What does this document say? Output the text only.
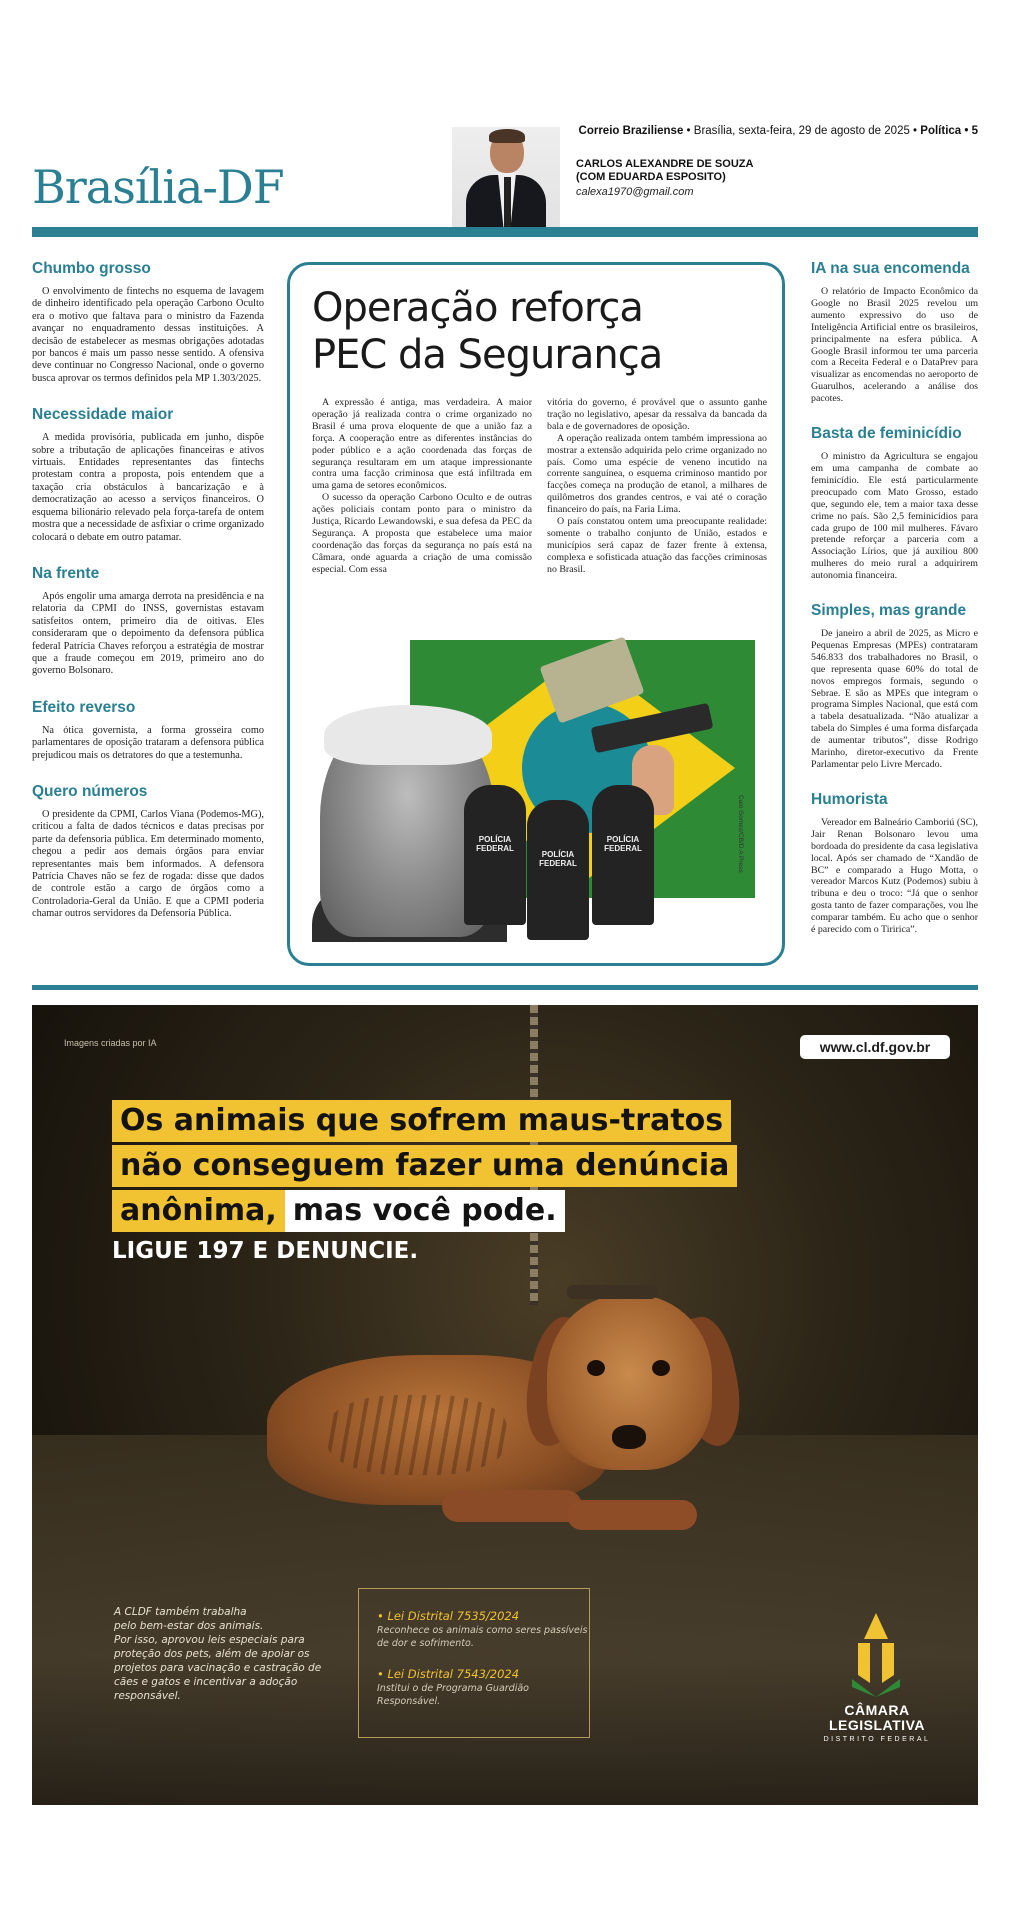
Brasília-DF
Correio Braziliense • Brasília, sexta-feira, 29 de agosto de 2025 • Política • 5
CARLOS ALEXANDRE DE SOUZA
(COM EDUARDA ESPOSITO)
calexa1970@gmail.com
Chumbo grosso

O envolvimento de fintechs no esquema de lavagem de dinheiro identificado pela operação Carbono Oculto era o motivo que faltava para o ministro da Fazenda avançar no enquadramento dessas instituições. A decisão de estabelecer as mesmas obrigações adotadas por bancos é mais um passo nesse sentido. A ofensiva deve continuar no Congresso Nacional, onde o governo busca aprovar os termos definidos pela MP 1.303/2025.

Necessidade maior

A medida provisória, publicada em junho, dispõe sobre a tributação de aplicações financeiras e ativos virtuais. Entidades representantes das fintechs protestam contra a proposta, pois entendem que a taxação cria obstáculos à bancarização e à democratização ao acesso a serviços financeiros. O esquema bilionário relevado pela força-tarefa de ontem mostra que a necessidade de asfixiar o crime organizado colocará o debate em outro patamar.

Na frente

Após engolir uma amarga derrota na presidência e na relatoria da CPMI do INSS, governistas estavam satisfeitos ontem, primeiro dia de oitivas. Eles consideraram que o depoimento da defensora pública federal Patrícia Chaves reforçou a estratégia de mostrar que a fraude começou em 2019, primeiro ano do governo Bolsonaro.

Efeito reverso

Na ótica governista, a forma grosseira como parlamentares de oposição trataram a defensora pública prejudicou mais os detratores do que a testemunha.

Quero números

O presidente da CPMI, Carlos Viana (Podemos-MG), criticou a falta de dados técnicos e datas precisas por parte da defensoria pública. Em determinado momento, chegou a pedir aos demais órgãos para enviar representantes mais bem informados. A defensora Patrícia Chaves não se fez de rogada: disse que dados de controle estão a cargo de órgãos como a Controladoria-Geral da União. E que a CPMI poderia chamar outros servidores da Defensoria Pública.

Operação reforça
PEC da Segurança

A expressão é antiga, mas verdadeira. A maior operação já realizada contra o crime organizado no Brasil é uma prova eloquente de que a união faz a força. A cooperação entre as diferentes instâncias do poder público e a ação coordenada das forças de segurança resultaram em um ataque impressionante contra uma facção criminosa que está infiltrada em uma gama de setores econômicos.

O sucesso da operação Carbono Oculto e de outras ações policiais contam ponto para o ministro da Justiça, Ricardo Lewandowski, e sua defesa da PEC da Segurança. A proposta que estabelece uma maior coordenação das forças da segurança no país está na Câmara, onde aguarda a criação de uma comissão especial. Com essa

vitória do governo, é provável que o assunto ganhe tração no legislativo, apesar da ressalva da bancada da bala e de governadores de oposição.

A operação realizada ontem também impressiona ao mostrar a extensão adquirida pelo crime organizado no país. Como uma espécie de veneno incutido na corrente sanguínea, o esquema criminoso mantido por facções começa na produção de etanol, a milhares de quilômetros dos grandes centros, e vai até o coração financeiro do país, na Faria Lima.

O país constatou ontem uma preocupante realidade: somente o trabalho conjunto de União, estados e municípios será capaz de fazer frente à extensa, complexa e sofisticada atuação das facções criminosas no Brasil.

POLÍCIA FEDERAL
POLÍCIA FEDERAL
POLÍCIA FEDERAL	Caio Gomez/CB/D.A Press
IA na sua encomenda

O relatório de Impacto Econômico da Google no Brasil 2025 revelou um aumento expressivo do uso de Inteligência Artificial entre os brasileiros, principalmente na esfera pública. A Google Brasil informou ter uma parceria com a Receita Federal e o DataPrev para visualizar as encomendas no aeroporto de Guarulhos, acelerando a análise dos pacotes.

Basta de feminicídio

O ministro da Agricultura se engajou em uma campanha de combate ao feminicídio. Ele está particularmente preocupado com Mato Grosso, estado que, segundo ele, tem a maior taxa desse crime no país. São 2,5 feminicídios para cada grupo de 100 mil mulheres. Fávaro pretende reforçar a parceria com a Associação Lírios, que já auxiliou 800 mulheres do meio rural a adquirirem autonomia financeira.

Simples, mas grande

De janeiro a abril de 2025, as Micro e Pequenas Empresas (MPEs) contrataram 546.833 dos trabalhadores no Brasil, o que representa quase 60% do total de novos empregos formais, segundo o Sebrae. E são as MPEs que integram o programa Simples Nacional, que está com a tabela desatualizada. “Não atualizar a tabela do Simples é uma forma disfarçada de aumentar tributos”, disse Rodrigo Marinho, diretor-executivo da Frente Parlamentar pelo Livre Mercado.

Humorista

Vereador em Balneário Camboriú (SC), Jair Renan Bolsonaro levou uma bordoada do presidente da casa legislativa local. Após ser chamado de “Xandão de BC” e comparado a Hugo Motta, o vereador Marcos Kutz (Podemos) subiu à tribuna e deu o troco: “Já que o senhor gosta tanto de fazer comparações, vou lhe comparar também. Eu acho que o senhor é parecido com o Tiririca”.

Imagens criadas por IA	www.cl.df.gov.br
Os animais que sofrem maus-tratos
não conseguem fazer uma denúncia
anônima, mas você pode.
LIGUE 197 E DENUNCIE.
A CLDF também trabalha
pelo bem-estar dos animais.
Por isso, aprovou leis especiais para proteção dos pets, além de apoiar os projetos para vacinação e castração de cães e gatos e incentivar a adoção responsável.
• Lei Distrital 7535/2024
Reconhece os animais como seres passíveis de dor e sofrimento.
• Lei Distrital 7543/2024
Institui o de Programa Guardião Responsável.
CÂMARA
LEGISLATIVA
DISTRITO FEDERAL
